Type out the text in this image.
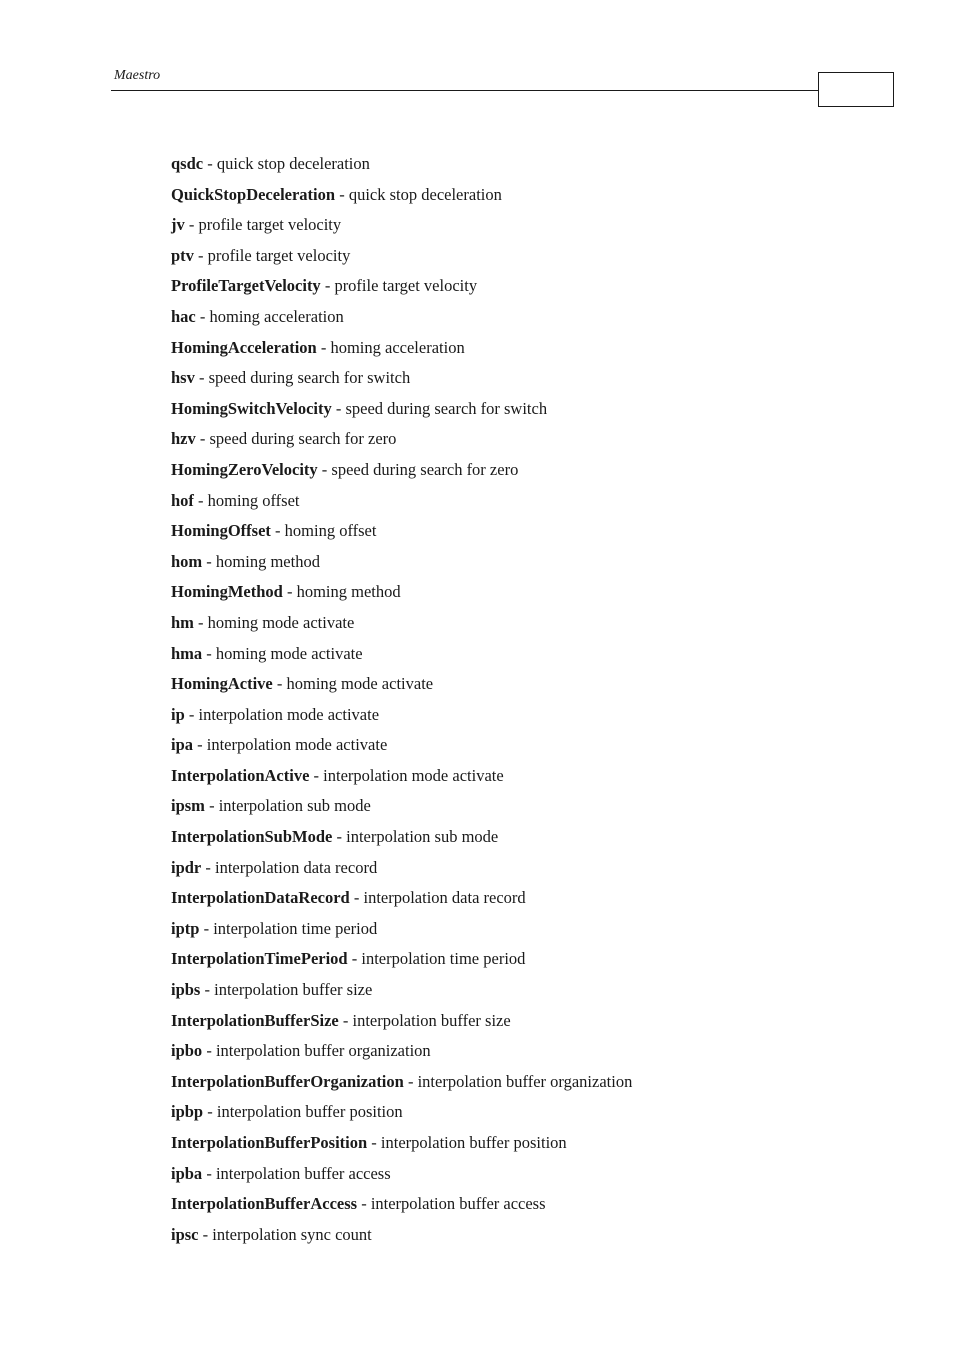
Maestro
qsdc - quick stop deceleration
QuickStopDeceleration - quick stop deceleration
jv - profile target velocity
ptv - profile target velocity
ProfileTargetVelocity - profile target velocity
hac - homing acceleration
HomingAcceleration - homing acceleration
hsv - speed during search for switch
HomingSwitchVelocity - speed during search for switch
hzv - speed during search for zero
HomingZeroVelocity - speed during search for zero
hof - homing offset
HomingOffset - homing offset
hom - homing method
HomingMethod - homing method
hm - homing mode activate
hma - homing mode activate
HomingActive - homing mode activate
ip - interpolation mode activate
ipa - interpolation mode activate
InterpolationActive - interpolation mode activate
ipsm - interpolation sub mode
InterpolationSubMode - interpolation sub mode
ipdr - interpolation data record
InterpolationDataRecord - interpolation data record
iptp - interpolation time period
InterpolationTimePeriod - interpolation time period
ipbs - interpolation buffer size
InterpolationBufferSize - interpolation buffer size
ipbo - interpolation buffer organization
InterpolationBufferOrganization - interpolation buffer organization
ipbp - interpolation buffer position
InterpolationBufferPosition - interpolation buffer position
ipba - interpolation buffer access
InterpolationBufferAccess - interpolation buffer access
ipsc - interpolation sync count
